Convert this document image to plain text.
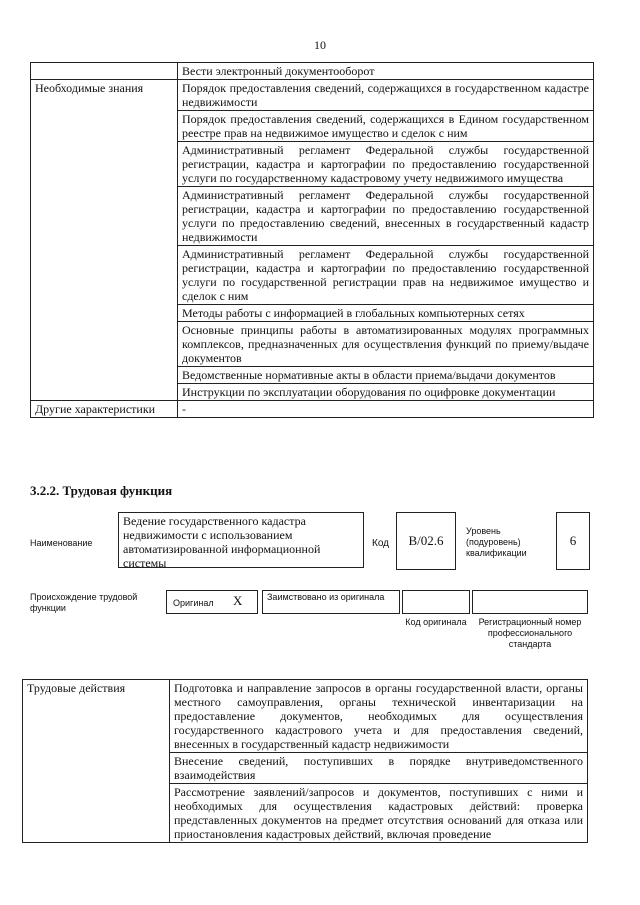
10
	Вести электронный документооборот
Необходимые знания	Порядок предоставления сведений, содержащихся в государственном кадастре недвижимости
	Порядок предоставления сведений, содержащихся в Едином государственном реестре прав на недвижимое имущество и сделок с ним
	Административный регламент Федеральной службы государственной регистрации, кадастра и картографии по предоставлению государственной услуги по государственному кадастровому учету недвижимого имущества
	Административный регламент Федеральной службы государственной регистрации, кадастра и картографии по предоставлению государственной услуги по предоставлению сведений, внесенных в государственный кадастр недвижимости
	Административный регламент Федеральной службы государственной регистрации, кадастра и картографии по предоставлению государственной услуги по государственной регистрации прав на недвижимое имущество и сделок с ним
	Методы работы с информацией в глобальных компьютерных сетях
	Основные принципы работы в автоматизированных модулях программных комплексов, предназначенных для осуществления функций по приему/выдаче документов
	Ведомственные нормативные акты в области приема/выдачи документов
	Инструкции по эксплуатации оборудования по оцифровке документации
Другие характеристики	-
3.2.2. Трудовая функция
Наименование
Ведение государственного кадастра недвижимости с использованием автоматизированной информационной системы
Код	В/02.6
Уровень (подуровень) квалификации
6
Происхождение трудовой функции	Оригинал X	Заимствовано из оригинала
Код оригинала	Регистрационный номер профессионального стандарта
Трудовые действия	Подготовка и направление запросов в органы государственной власти, органы местного самоуправления, органы технической инвентаризации на предоставление документов, необходимых для осуществления государственного кадастрового учета и для предоставления сведений, внесенных в государственный кадастр недвижимости
Внесение сведений, поступивших в порядке внутриведомственного взаимодействия
Рассмотрение заявлений/запросов и документов, поступивших с ними и необходимых для осуществления кадастровых действий: проверка представленных документов на предмет отсутствия оснований для отказа или приостановления кадастровых действий, включая проведение
